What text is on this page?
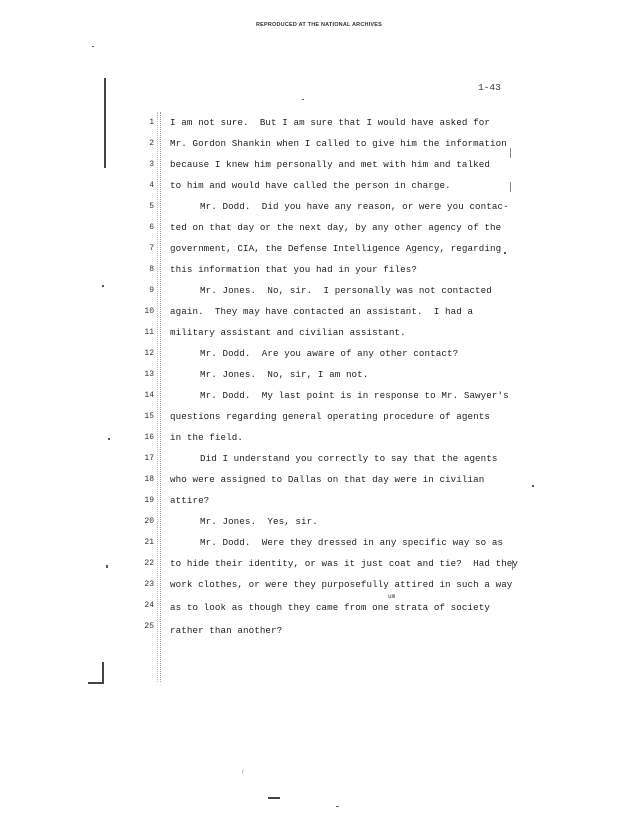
REPRODUCED AT THE NATIONAL ARCHIVES
1-43
1 I am not sure.  But I am sure that I would have asked for
2 Mr. Gordon Shankin when I called to give him the information
3 because I knew him personally and met with him and talked
4 to him and would have called the person in charge.
5	Mr. Dodd.  Did you have any reason, or were you contac-
6 ted on that day or the next day, by any other agency of the
7 government, CIA, the Defense Intelligence Agency, regarding
8 this information that you had in your files?
9	Mr. Jones.  No, sir.  I personally was not contacted
10 again.  They may have contacted an assistant.  I had a
11 military assistant and civilian assistant.
12	Mr. Dodd.  Are you aware of any other contact?
13	Mr. Jones.  No, sir, I am not.
14	Mr. Dodd.  My last point is in response to Mr. Sawyer's
15 questions regarding general operating procedure of agents
16 in the field.
17	Did I understand you correctly to say that the agents
18 who were assigned to Dallas on that day were in civilian
19 attire?
20	Mr. Jones.  Yes, sir.
21	Mr. Dodd.  Were they dressed in any specific way so as
22 to hide their identity, or was it just coat and tie?  Had they
23 work clothes, or were they purposefully attired in such a way
24 as to look as though they came from one strata of society
25 rather than another?
um
ʳ
